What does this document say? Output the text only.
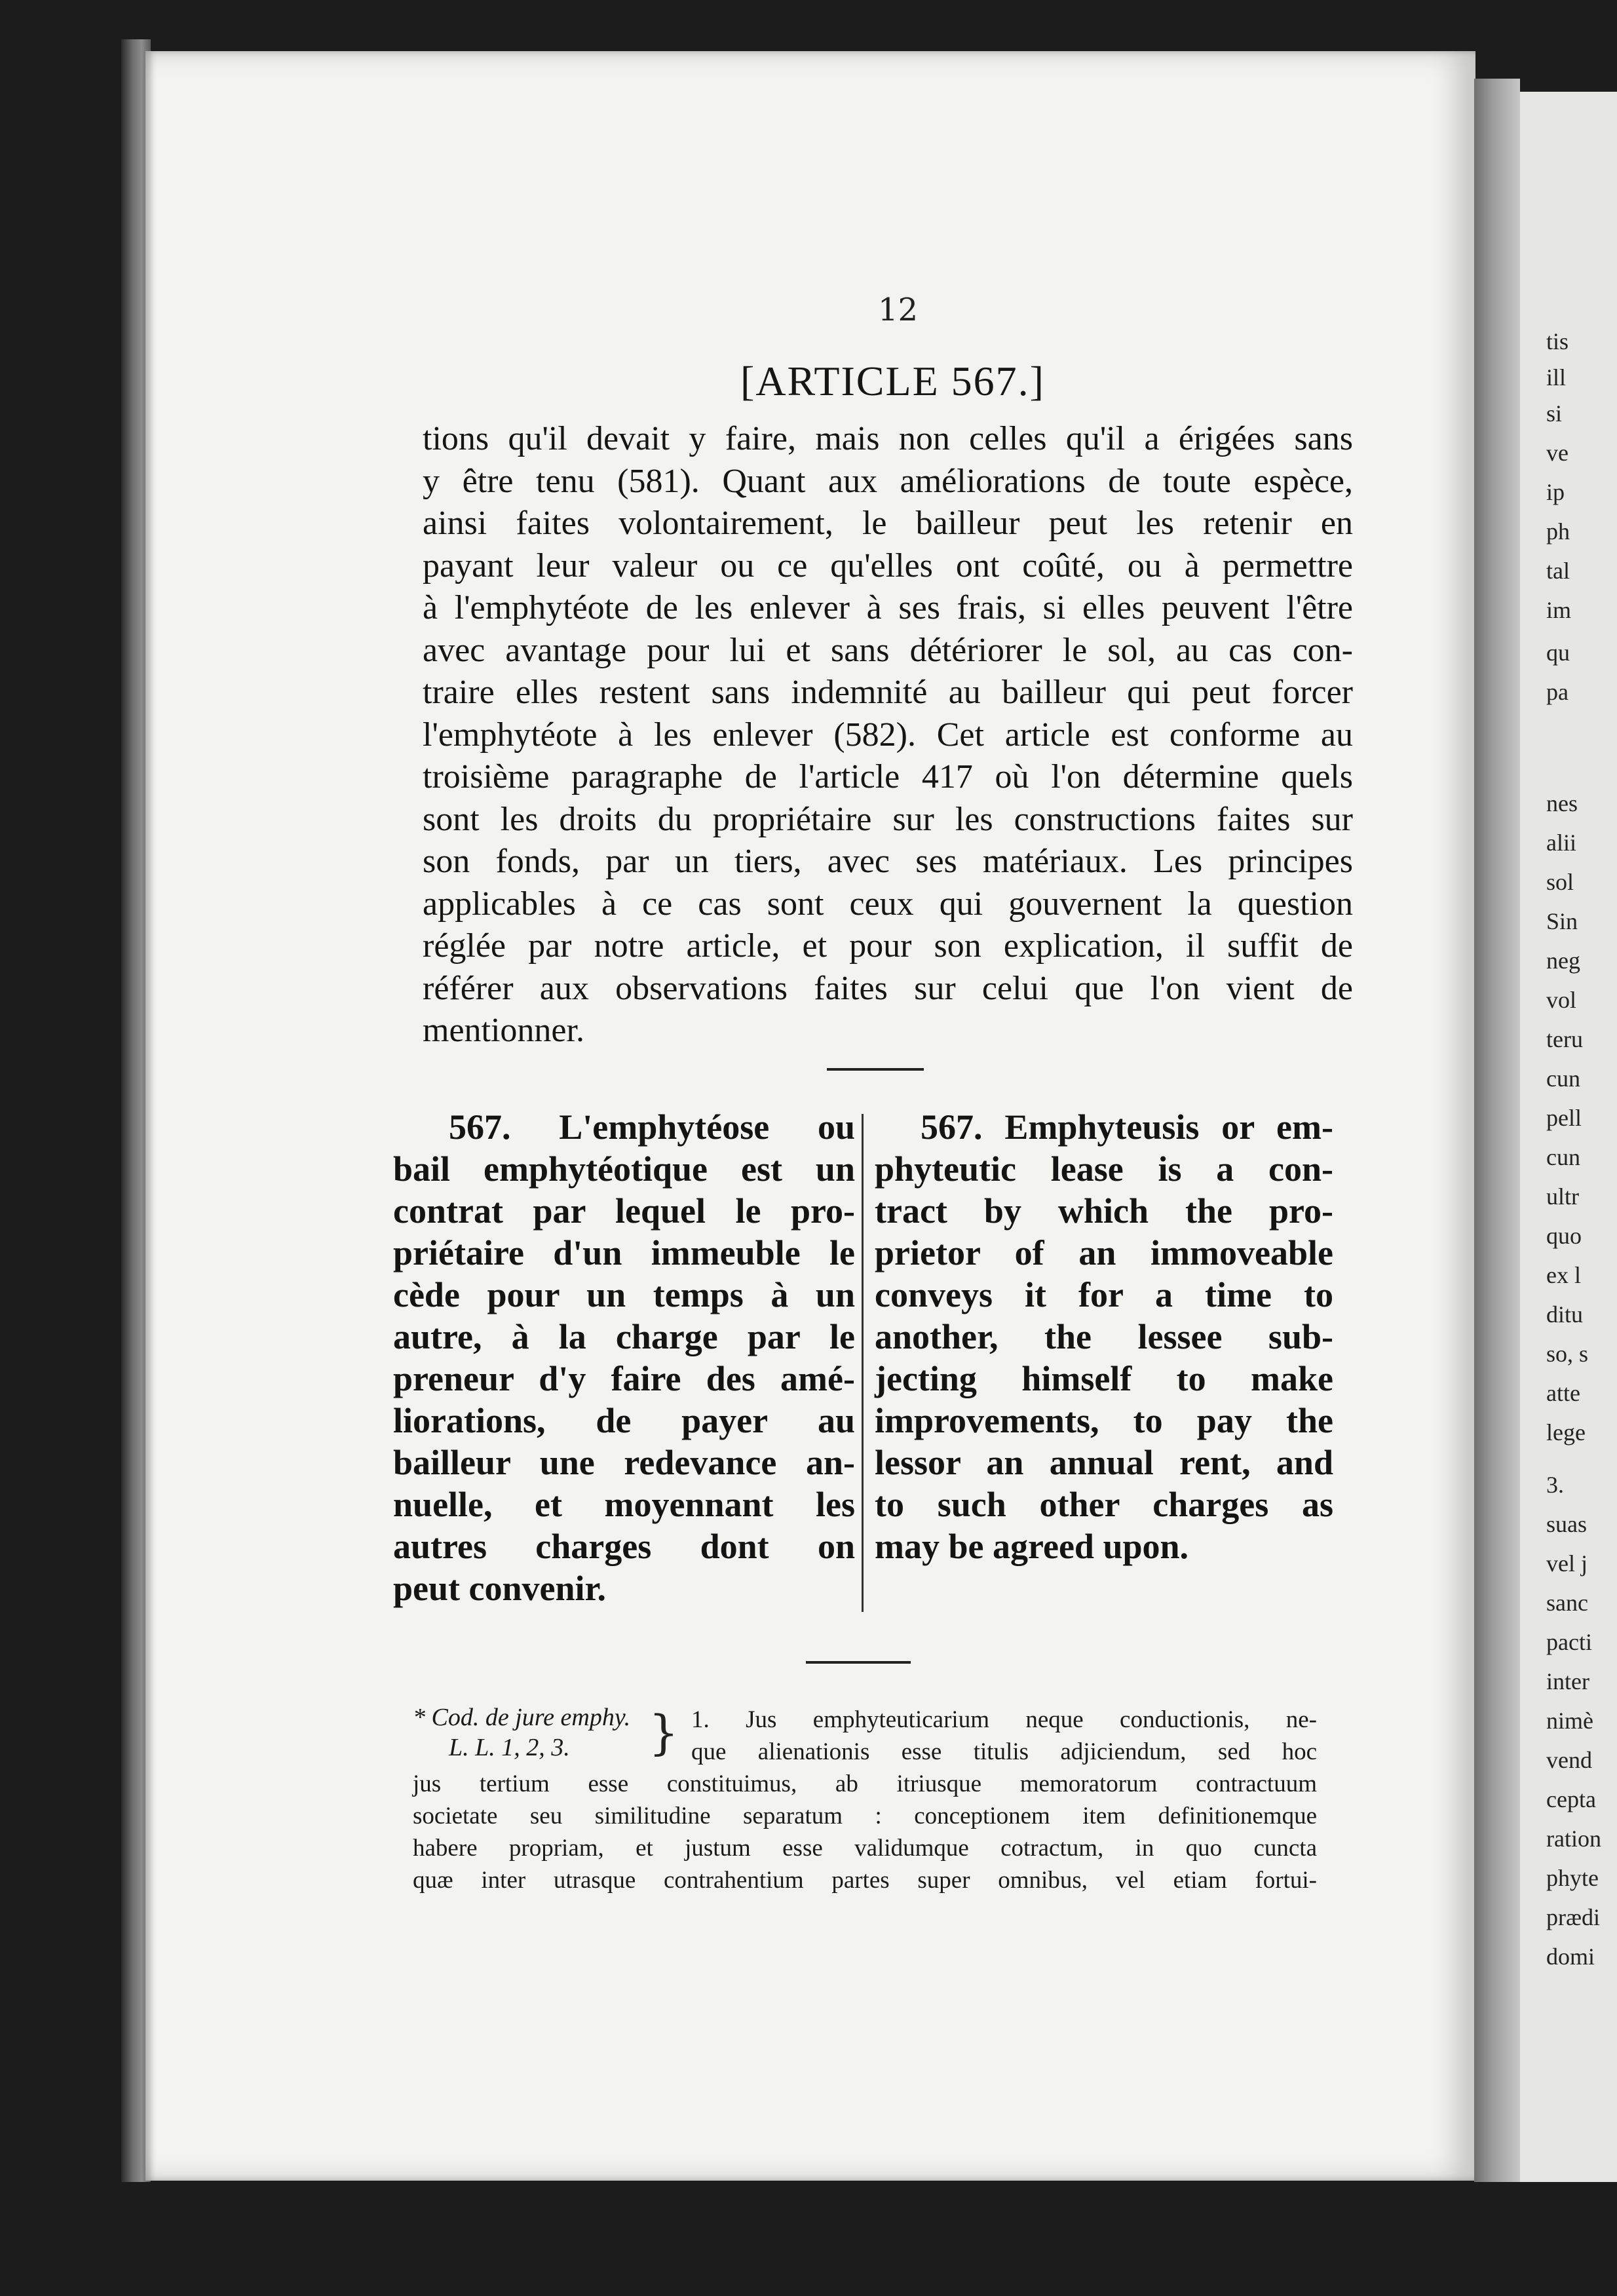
tis
ill
si
ve
ip
ph
tal
im
qu
pa
nes
alii
sol
Sin
neg
vol
teru
cun
pell
cun
ultr
quo
ex l
ditu
so, s
atte
lege
3.
suas
vel j
sanc
pacti
inter
nimè
vend
cepta
ration
phyte
prædi
domi
12
[ARTICLE 567.]
tions qu'il devait y faire, mais non celles qu'il a érigées sans
y être tenu (581). Quant aux améliorations de toute espèce,
ainsi faites volontairement, le bailleur peut les retenir en
payant leur valeur ou ce qu'elles ont coûté, ou à permettre
à l'emphytéote de les enlever à ses frais, si elles peuvent l'être
avec avantage pour lui et sans détériorer le sol, au cas con-
traire elles restent sans indemnité au bailleur qui peut forcer
l'emphytéote à les enlever (582). Cet article est conforme au
troisième paragraphe de l'article 417 où l'on détermine quels
sont les droits du propriétaire sur les constructions faites sur
son fonds, par un tiers, avec ses matériaux. Les principes
applicables à ce cas sont ceux qui gouvernent la question
réglée par notre article, et pour son explication, il suffit de
référer aux observations faites sur celui que l'on vient de
mentionner.
567. L'emphytéose ou
bail emphytéotique est un
contrat par lequel le pro-
priétaire d'un immeuble le
cède pour un temps à un
autre, à la charge par le
preneur d'y faire des amé-
liorations, de payer au
bailleur une redevance an-
nuelle, et moyennant les
autres charges dont on
peut convenir.
567. Emphyteusis or em-
phyteutic lease is a con-
tract by which the pro-
prietor of an immoveable
conveys it for a time to
another, the lessee sub-
jecting himself to make
improvements, to pay the
lessor an annual rent, and
to such other charges as
may be agreed upon.
* Cod. de jure emphy.
L. L. 1, 2, 3.	} 1. Jus emphyteuticarium neque conductionis, ne-
que alienationis esse titulis adjiciendum, sed hoc
jus tertium esse constituimus, ab itriusque memoratorum contractuum
societate seu similitudine separatum : conceptionem item definitionemque
habere propriam, et justum esse validumque cotractum, in quo cuncta
quæ inter utrasque contrahentium partes super omnibus, vel etiam fortui-
